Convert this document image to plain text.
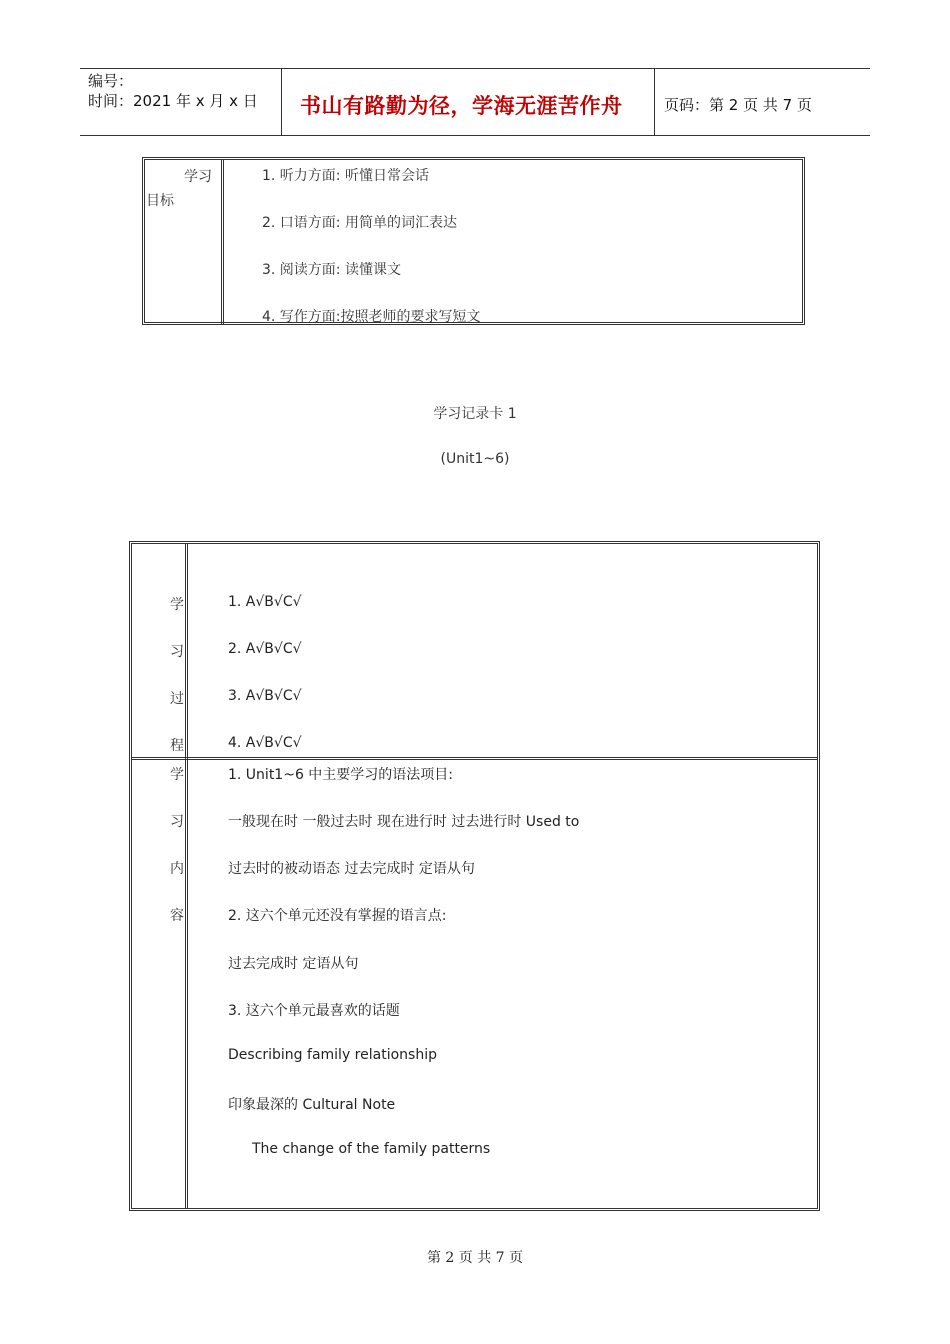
编号：
时间：2021 年 x 月 x 日 书山有路勤为径，学海无涯苦作舟	页码：第 2 页 共 7 页
学习
目标
1. 听力方面: 听懂日常会话
2. 口语方面: 用简单的词汇表达
3. 阅读方面: 读懂课文
4. 写作方面:按照老师的要求写短文
学习记录卡 1
(Unit1~6)
学
习
过
程
1. A√B√C√
2. A√B√C√
3. A√B√C√
4. A√B√C√
学
习
内
容
1. Unit1~6 中主要学习的语法项目:
一般现在时 一般过去时 现在进行时 过去进行时 Used to
过去时的被动语态 过去完成时 定语从句
2. 这六个单元还没有掌握的语言点:
过去完成时 定语从句
3. 这六个单元最喜欢的话题
Describing family relationship
印象最深的 Cultural Note
The change of the family patterns
第 2 页 共 7 页
